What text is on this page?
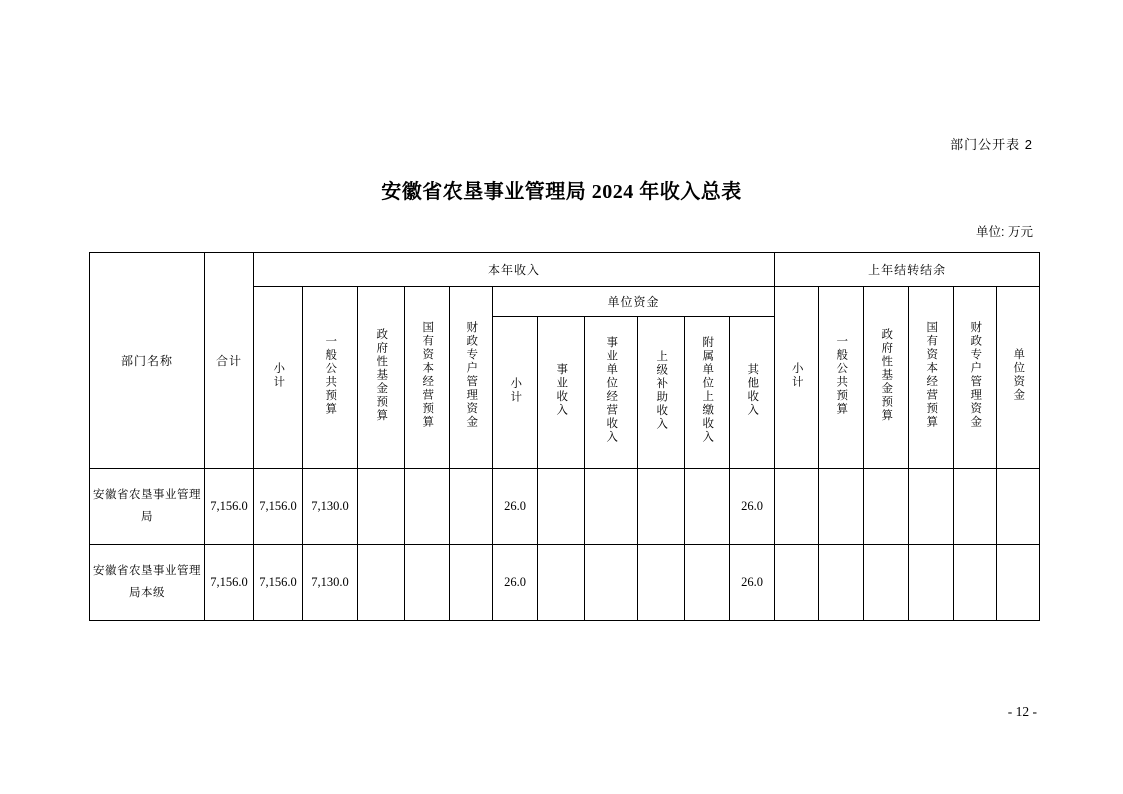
部门公开表 2
安徽省农垦事业管理局 2024 年收入总表
单位: 万元
部门名称	合计	本年收入											上年结转结余					
		小计	一般公共预算	政府性基金预算	国有资本经营预算	财政专户管理资金	单位资金						小计	一般公共预算	政府性基金预算	国有资本经营预算	财政专户管理资金	单位资金
							小计	事业收入	事业单位经营收入	上级补助收入	附属单位上缴收入	其他收入						

安徽省农垦事业管理局	7,156.0	7,156.0	7,130.0				26.0					26.0						
安徽省农垦事业管理局本级	7,156.0	7,156.0	7,130.0				26.0					26.0						
- 12 -
